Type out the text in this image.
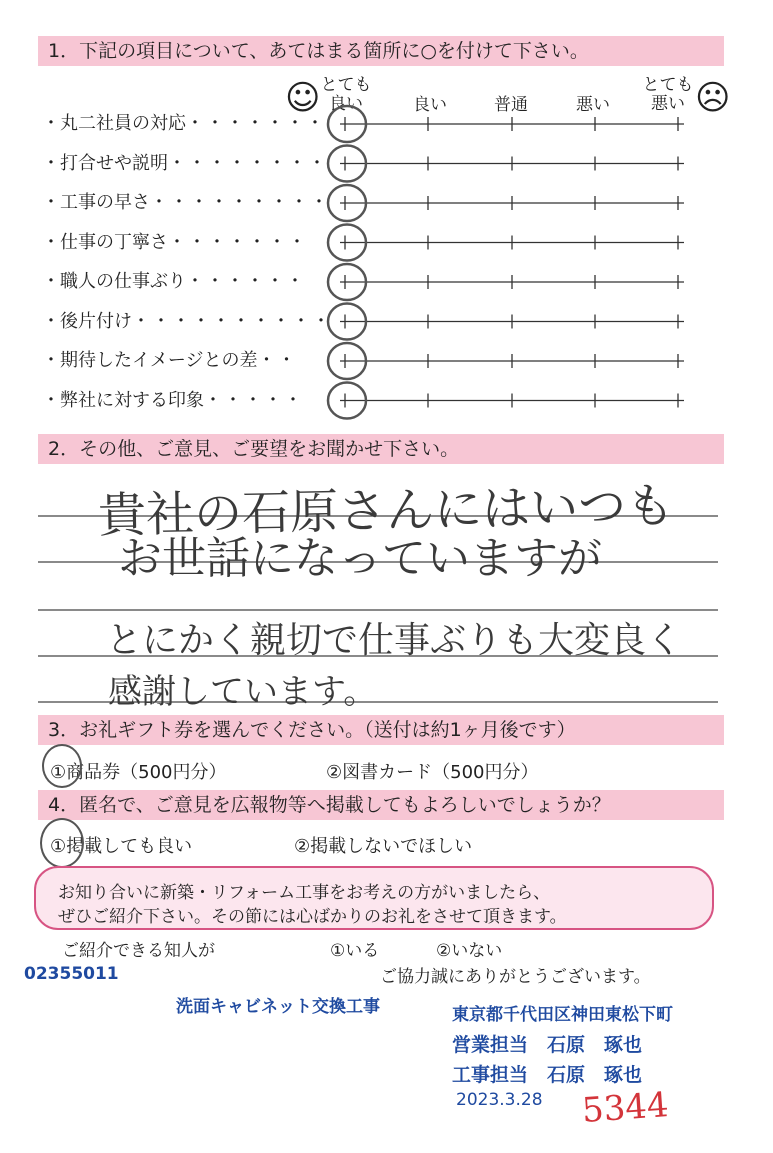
1．下記の項目について、あてはまる箇所に○を付けて下さい。
☺	☹
とても
良い	良い	普通	悪い
とても
悪い
・丸二社員の対応・・・・・・・
・打合せや説明・・・・・・・・
・工事の早さ・・・・・・・・・
・仕事の丁寧さ・・・・・・・
・職人の仕事ぶり・・・・・・
・後片付け・・・・・・・・・・
・期待したイメージとの差・・
・弊社に対する印象・・・・・
2．その他、ご意見、ご要望をお聞かせ下さい。
貴社の石原さんにはいつも
お世話になっていますが
とにかく親切で仕事ぶりも大変良く
感謝しています。
3．お礼ギフト券を選んでください。（送付は約1ヶ月後です）
①商品券（500円分）	②図書カード（500円分）
4．匿名で、ご意見を広報物等へ掲載してもよろしいでしょうか？
①掲載しても良い	②掲載しないでほしい
お知り合いに新築・リフォーム工事をお考えの方がいましたら、
ぜひご紹介下さい。その節には心ばかりのお礼をさせて頂きます。
ご紹介できる知人が	①いる	②いない
ご協力誠にありがとうございます。
02355011
洗面キャビネット交換工事	東京都千代田区神田東松下町
営業担当　石原　琢也
工事担当　石原　琢也
2023.3.28 5344
